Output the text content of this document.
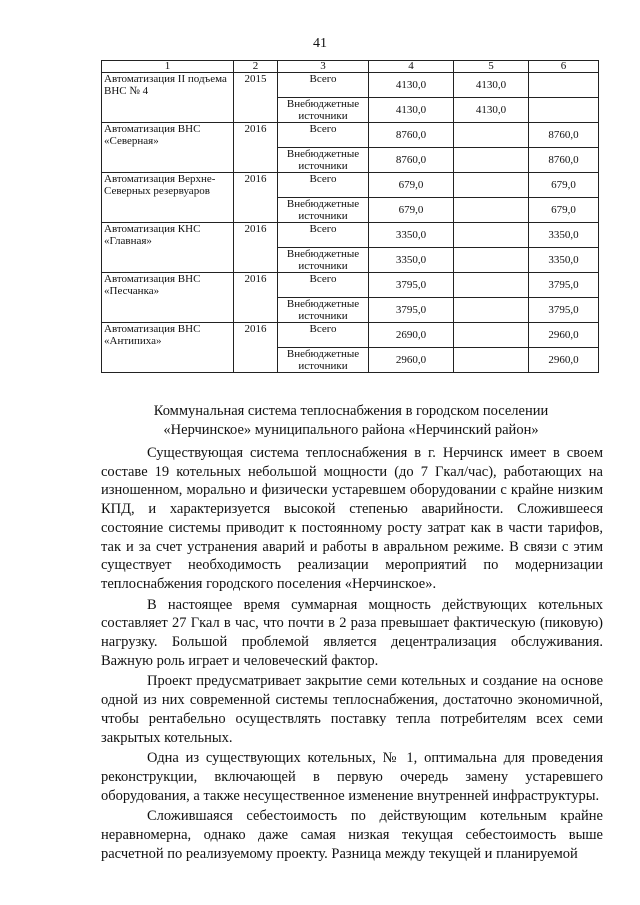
41
1	2	3	4	5	6
Автоматизация II подъема ВНС № 4	2015	Всего	4130,0	4130,0	
		Внебюджетные источники	4130,0	4130,0	
Автоматизация ВНС «Северная»	2016	Всего	8760,0		8760,0
		Внебюджетные источники	8760,0		8760,0
Автоматизация Верхне-Северных резервуаров	2016	Всего	679,0		679,0
		Внебюджетные источники	679,0		679,0
Автоматизация КНС «Главная»	2016	Всего	3350,0		3350,0
		Внебюджетные источники	3350,0		3350,0
Автоматизация ВНС «Песчанка»	2016	Всего	3795,0		3795,0
		Внебюджетные источники	3795,0		3795,0
Автоматизация ВНС «Антипиха»	2016	Всего	2690,0		2960,0
		Внебюджетные источники	2960,0		2960,0
Коммунальная система теплоснабжения в городском поселении
«Нерчинское» муниципального района «Нерчинский район»

Существующая система теплоснабжения в г. Нерчинск имеет в своем составе 19 котельных небольшой мощности (до 7 Гкал/час), работающих на изношенном, морально и физически устаревшем оборудовании с крайне низким КПД, и характеризуется высокой степенью аварийности. Сложившееся состояние системы приводит к постоянному росту затрат как в части тарифов, так и за счет устранения аварий и работы в авральном режиме. В связи с этим существует необходимость реализации мероприятий по модернизации теплоснабжения городского поселения «Нерчинское».

В настоящее время суммарная мощность действующих котельных составляет 27 Гкал в час, что почти в 2 раза превышает фактическую (пиковую) нагрузку. Большой проблемой является децентрализация обслуживания. Важную роль играет и человеческий фактор.

Проект предусматривает закрытие семи котельных и создание на основе одной из них современной системы теплоснабжения, достаточно экономичной, чтобы рентабельно осуществлять поставку тепла потребителям всех семи закрытых котельных.

Одна из существующих котельных, № 1, оптимальна для проведения реконструкции, включающей в первую очередь замену устаревшего оборудования, а также несущественное изменение внутренней инфраструктуры.

Сложившаяся себестоимость по действующим котельным крайне неравномерна, однако даже самая низкая текущая себестоимость выше расчетной по реализуемому проекту. Разница между текущей и планируемой
